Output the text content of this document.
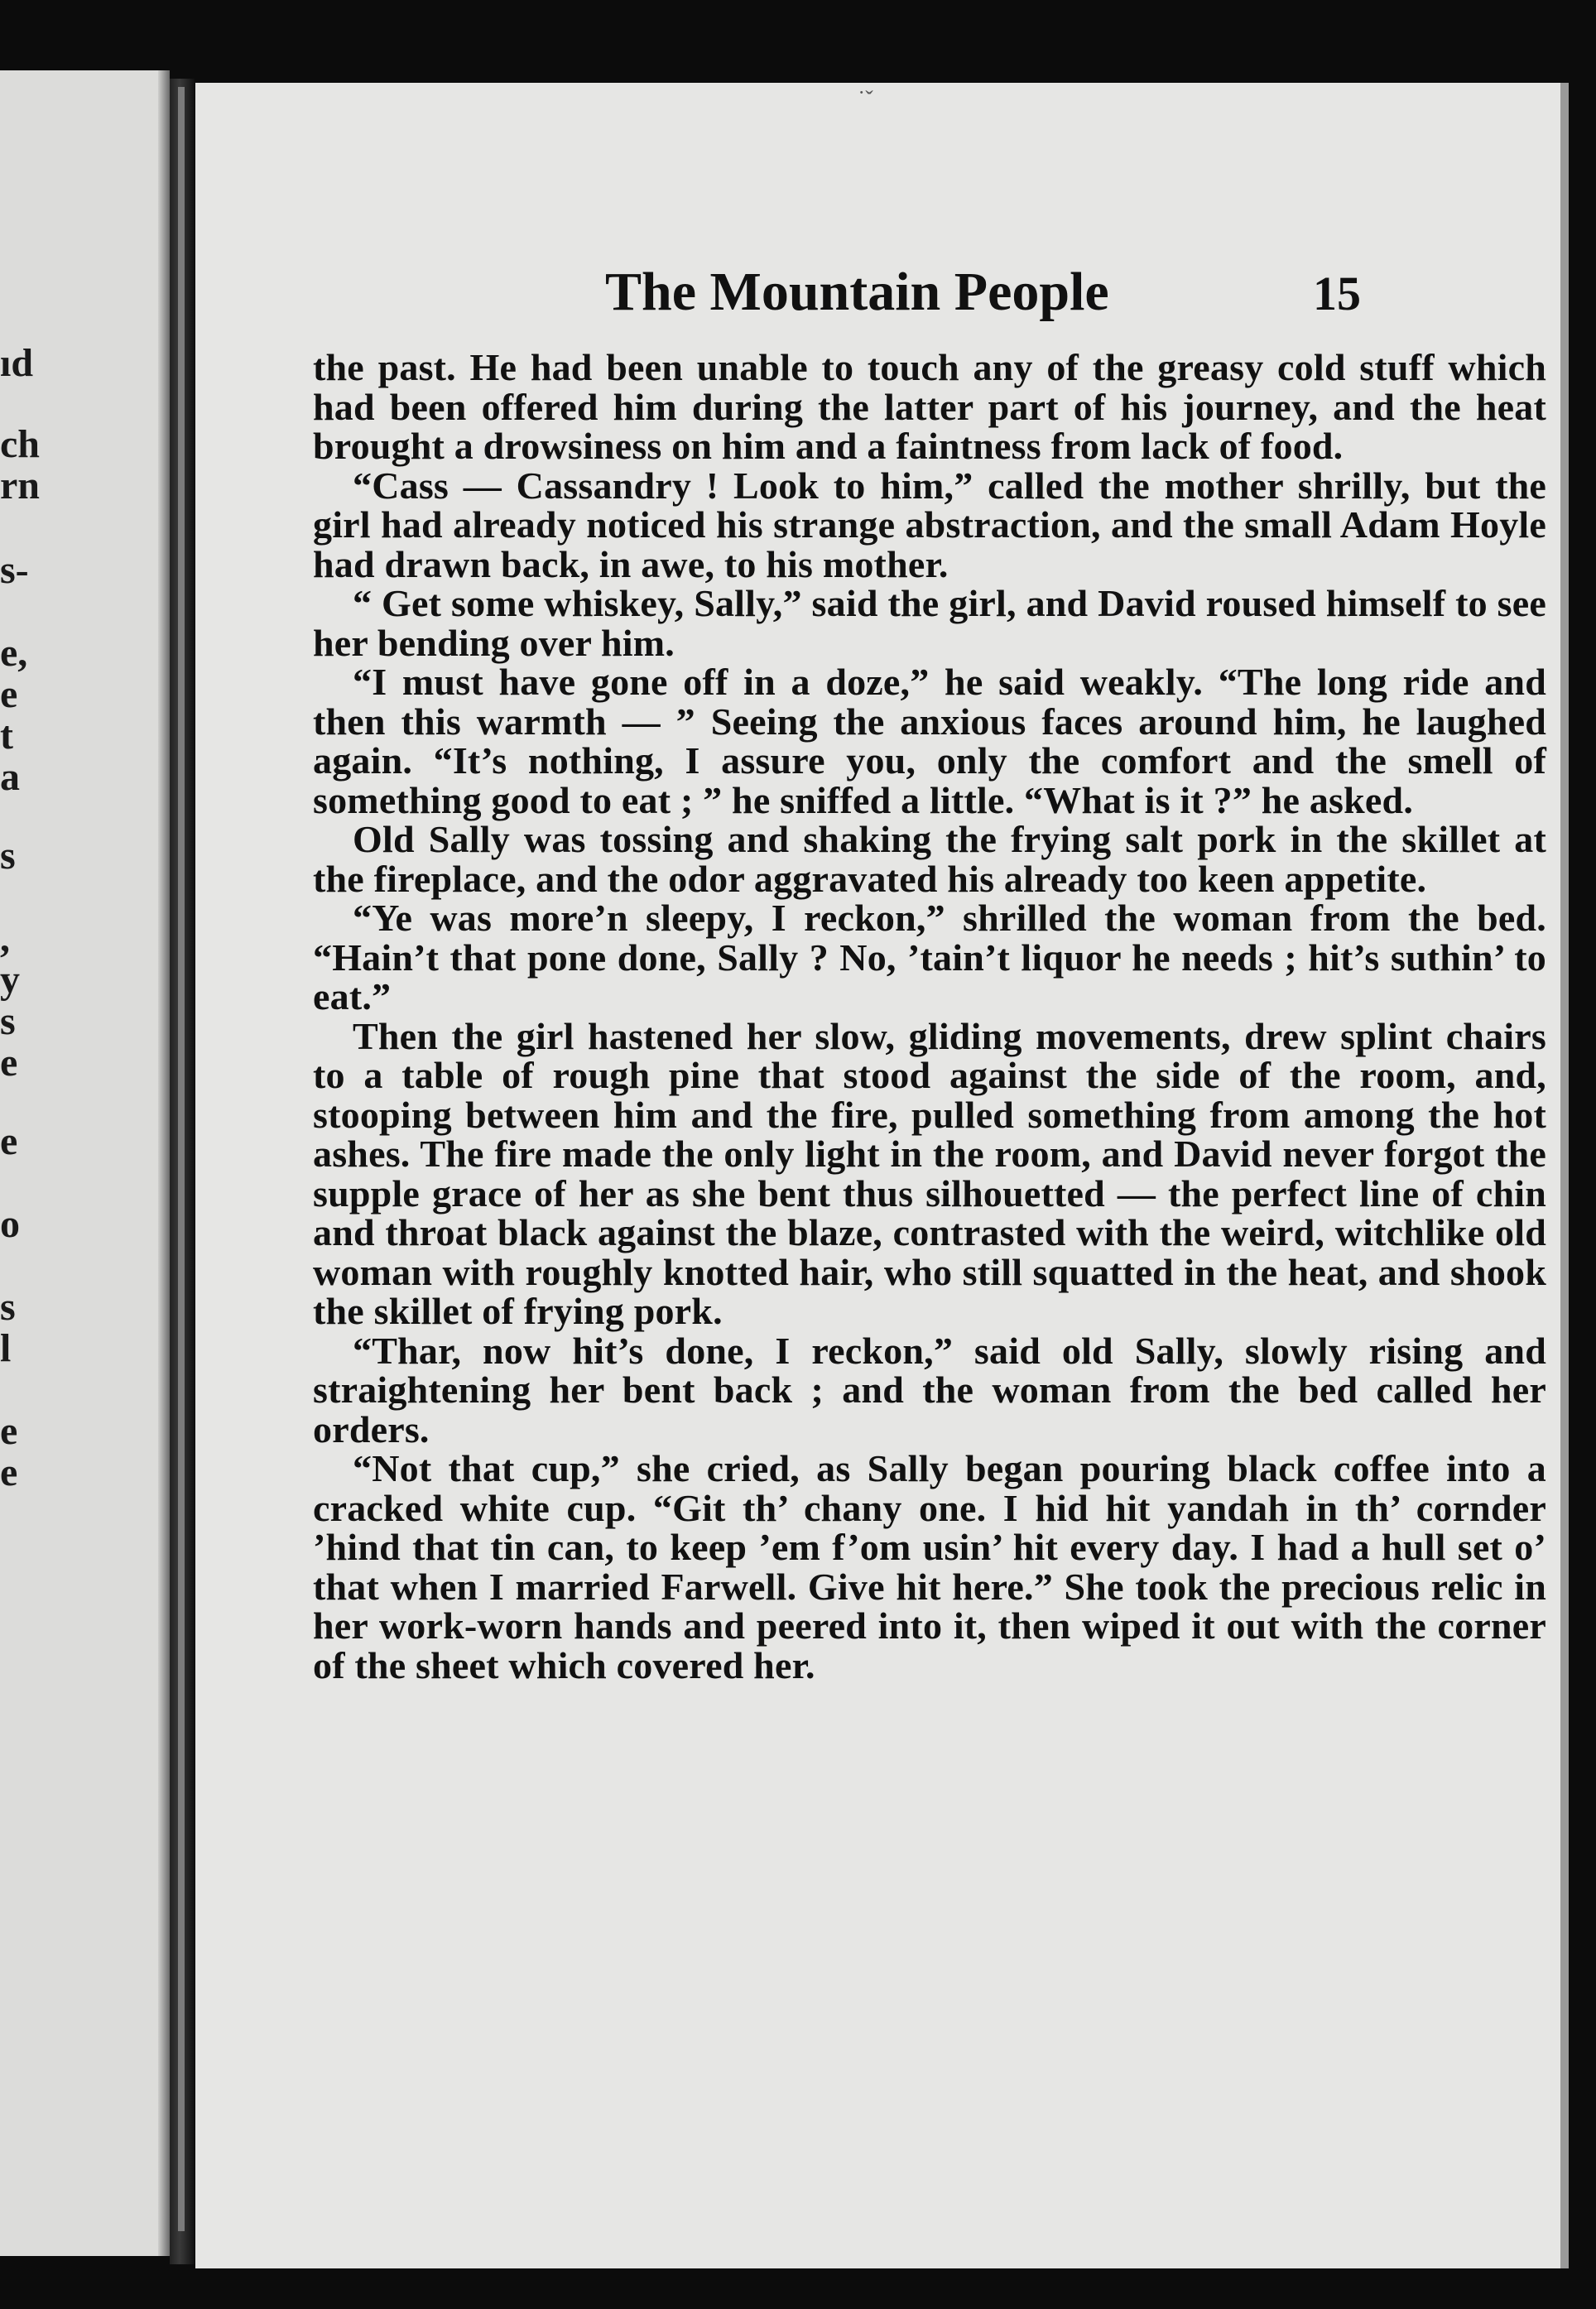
ıd
ch
rn
s-
e,
e
t
a
s
,
y
s
e
e
o
s
l
e
e
˙ˇ
The Mountain People	15

the past. He had been unable to touch any of the greasy cold stuff which had been offered him during the latter part of his journey, and the heat brought a drowsiness on him and a faintness from lack of food.

“Cass — Cassandry ! Look to him,” called the mother shrilly, but the girl had already noticed his strange abstraction, and the small Adam Hoyle had drawn back, in awe, to his mother.

“ Get some whiskey, Sally,” said the girl, and David roused himself to see her bending over him.

“I must have gone off in a doze,” he said weakly. “The long ride and then this warmth — ” Seeing the anxious faces around him, he laughed again. “It’s nothing, I assure you, only the comfort and the smell of something good to eat ; ” he sniffed a little. “What is it ?” he asked.

Old Sally was tossing and shaking the frying salt pork in the skillet at the fireplace, and the odor aggravated his already too keen appetite.

“Ye was more’n sleepy, I reckon,” shrilled the woman from the bed. “Hain’t that pone done, Sally ? No, ’tain’t liquor he needs ; hit’s suthin’ to eat.”

Then the girl hastened her slow, gliding movements, drew splint chairs to a table of rough pine that stood against the side of the room, and, stooping between him and the fire, pulled something from among the hot ashes. The fire made the only light in the room, and David never forgot the supple grace of her as she bent thus silhouetted — the perfect line of chin and throat black against the blaze, contrasted with the weird, witchlike old woman with roughly knotted hair, who still squatted in the heat, and shook the skillet of frying pork.

“Thar, now hit’s done, I reckon,” said old Sally, slowly rising and straightening her bent back ; and the woman from the bed called her orders.

“Not that cup,” she cried, as Sally began pouring black coffee into a cracked white cup. “Git th’ chany one. I hid hit yandah in th’ cornder ’hind that tin can, to keep ’em f’om usin’ hit every day. I had a hull set o’ that when I married Farwell. Give hit here.” She took the precious relic in her work-worn hands and peered into it, then wiped it out with the corner of the sheet which covered her.
